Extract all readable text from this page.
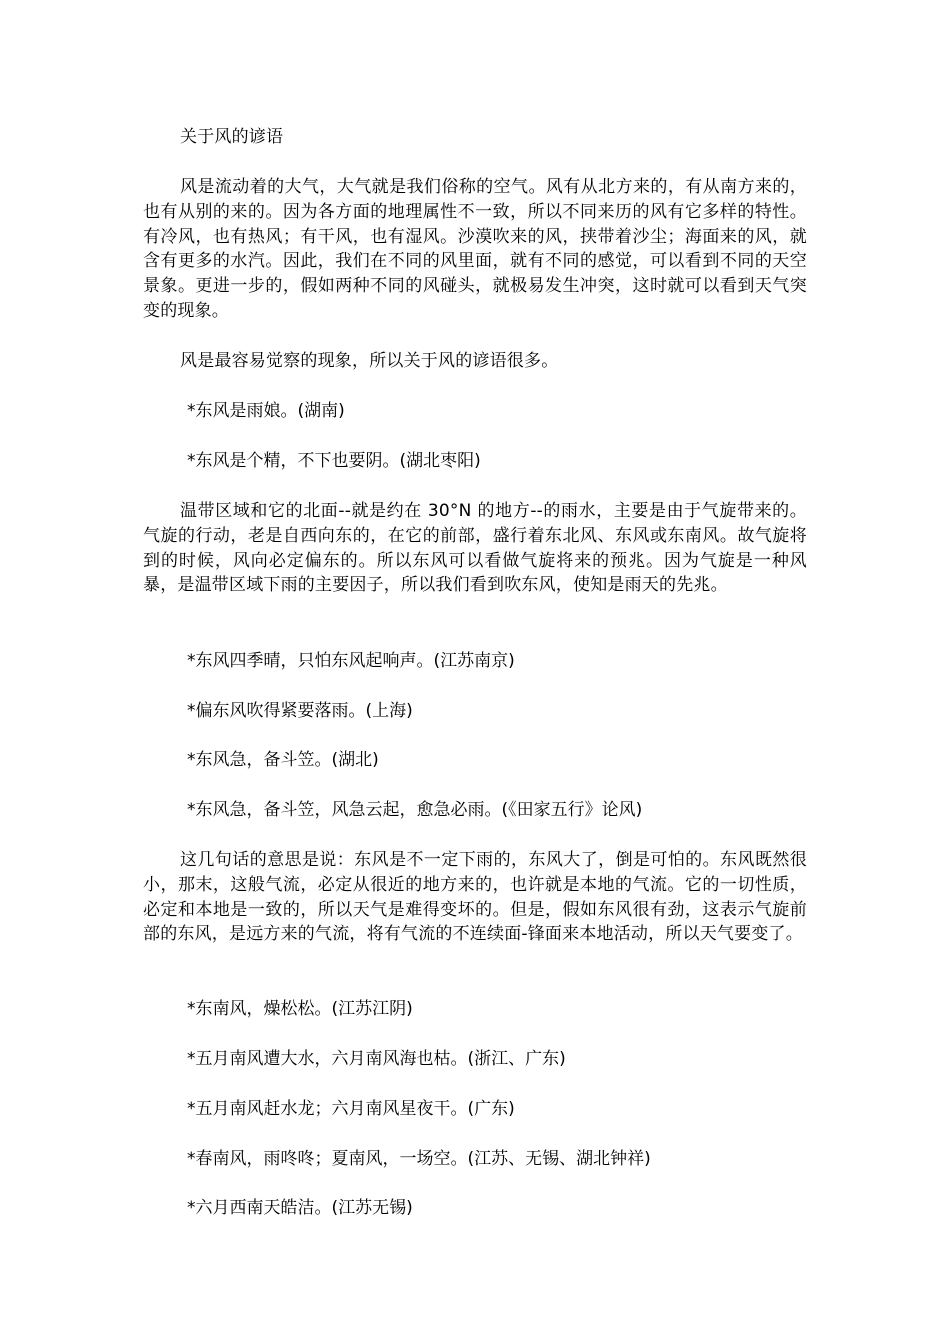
关于风的谚语

风是流动着的大气，大气就是我们俗称的空气。风有从北方来的，有从南方来的，也有从别的来的。因为各方面的地理属性不一致，所以不同来历的风有它多样的特性。有冷风，也有热风；有干风，也有湿风。沙漠吹来的风，挟带着沙尘；海面来的风，就含有更多的水汽。因此，我们在不同的风里面，就有不同的感觉，可以看到不同的天空景象。更进一步的，假如两种不同的风碰头，就极易发生冲突，这时就可以看到天气突变的现象。

风是最容易觉察的现象，所以关于风的谚语很多。

*东风是雨娘。(湖南)

*东风是个精，不下也要阴。(湖北枣阳)

温带区域和它的北面--就是约在 30°N 的地方--的雨水，主要是由于气旋带来的。气旋的行动，老是自西向东的，在它的前部，盛行着东北风、东风或东南风。故气旋将到的时候，风向必定偏东的。所以东风可以看做气旋将来的预兆。因为气旋是一种风暴，是温带区域下雨的主要因子，所以我们看到吹东风，使知是雨天的先兆。

*东风四季晴，只怕东风起响声。(江苏南京)

*偏东风吹得紧要落雨。(上海)

*东风急，备斗笠。(湖北)

*东风急，备斗笠，风急云起，愈急必雨。(《田家五行》论风)

这几句话的意思是说：东风是不一定下雨的，东风大了，倒是可怕的。东风既然很小，那末，这般气流，必定从很近的地方来的，也许就是本地的气流。它的一切性质，必定和本地是一致的，所以天气是难得变坏的。但是，假如东风很有劲，这表示气旋前部的东风，是远方来的气流，将有气流的不连续面-锋面来本地活动，所以天气要变了。

*东南风，燥松松。(江苏江阴)

*五月南风遭大水，六月南风海也枯。(浙江、广东)

*五月南风赶水龙；六月南风星夜干。(广东)

*春南风，雨咚咚；夏南风，一场空。(江苏、无锡、湖北钟祥)

*六月西南天皓洁。(江苏无锡)
